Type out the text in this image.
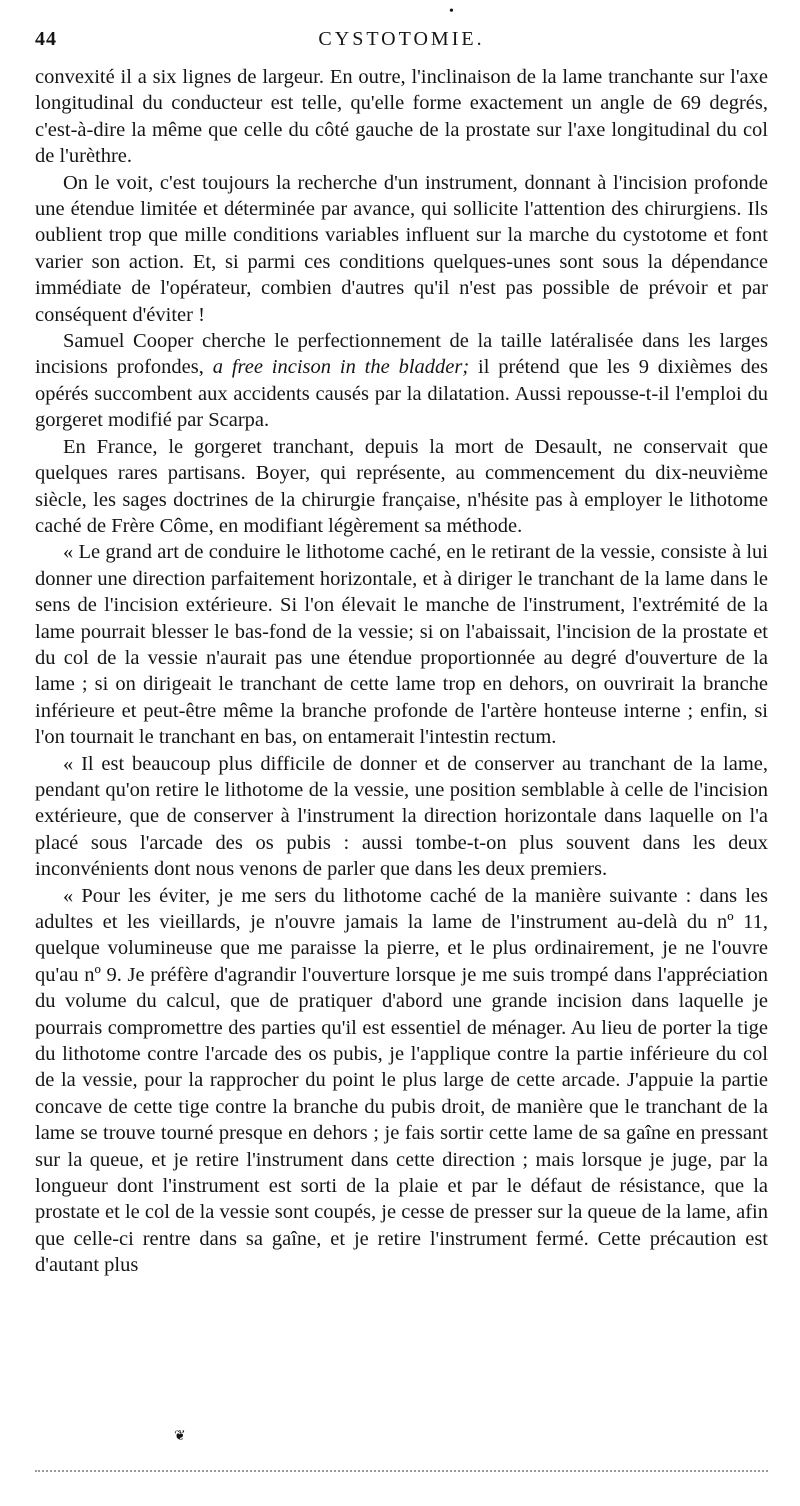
•
44	CYSTOTOMIE.

convexité il a six lignes de largeur. En outre, l'inclinaison de la lame tranchante sur l'axe longitudinal du conducteur est telle, qu'elle forme exactement un angle de 69 degrés, c'est-à-dire la même que celle du côté gauche de la prostate sur l'axe longitudinal du col de l'urèthre.

On le voit, c'est toujours la recherche d'un instrument, donnant à l'incision profonde une étendue limitée et déterminée par avance, qui sollicite l'attention des chirurgiens. Ils oublient trop que mille conditions variables influent sur la marche du cystotome et font varier son action. Et, si parmi ces conditions quelques-unes sont sous la dépendance immédiate de l'opérateur, combien d'autres qu'il n'est pas possible de prévoir et par conséquent d'éviter !

Samuel Cooper cherche le perfectionnement de la taille latéralisée dans les larges incisions profondes, a free incison in the bladder; il prétend que les 9 dixièmes des opérés succombent aux accidents causés par la dilatation. Aussi repousse-t-il l'emploi du gorgeret modifié par Scarpa.

En France, le gorgeret tranchant, depuis la mort de Desault, ne conservait que quelques rares partisans. Boyer, qui représente, au commencement du dix-neuvième siècle, les sages doctrines de la chirurgie française, n'hésite pas à employer le lithotome caché de Frère Côme, en modifiant légèrement sa méthode.

« Le grand art de conduire le lithotome caché, en le retirant de la vessie, consiste à lui donner une direction parfaitement horizontale, et à diriger le tranchant de la lame dans le sens de l'incision extérieure. Si l'on élevait le manche de l'instrument, l'extrémité de la lame pourrait blesser le bas-fond de la vessie; si on l'abaissait, l'incision de la prostate et du col de la vessie n'aurait pas une étendue proportionnée au degré d'ouverture de la lame ; si on dirigeait le tranchant de cette lame trop en dehors, on ouvrirait la branche inférieure et peut-être même la branche profonde de l'artère honteuse interne ; enfin, si l'on tournait le tranchant en bas, on entamerait l'intestin rectum.

« Il est beaucoup plus difficile de donner et de conserver au tranchant de la lame, pendant qu'on retire le lithotome de la vessie, une position semblable à celle de l'incision extérieure, que de conserver à l'instrument la direction horizontale dans laquelle on l'a placé sous l'arcade des os pubis : aussi tombe-t-on plus souvent dans les deux inconvénients dont nous venons de parler que dans les deux premiers.

« Pour les éviter, je me sers du lithotome caché de la manière suivante : dans les adultes et les vieillards, je n'ouvre jamais la lame de l'instrument au-delà du nº 11, quelque volumineuse que me paraisse la pierre, et le plus ordinairement, je ne l'ouvre qu'au nº 9. Je préfère d'agrandir l'ouverture lorsque je me suis trompé dans l'appréciation du volume du calcul, que de pratiquer d'abord une grande incision dans laquelle je pourrais compromettre des parties qu'il est essentiel de ménager. Au lieu de porter la tige du lithotome contre l'arcade des os pubis, je l'applique contre la partie inférieure du col de la vessie, pour la rapprocher du point le plus large de cette arcade. J'appuie la partie concave de cette tige contre la branche du pubis droit, de manière que le tranchant de la lame se trouve tourné presque en dehors ; je fais sortir cette lame de sa gaîne en pressant sur la queue, et je retire l'instrument dans cette direction ; mais lorsque je juge, par la longueur dont l'instrument est sorti de la plaie et par le défaut de résistance, que la prostate et le col de la vessie sont coupés, je cesse de presser sur la queue de la lame, afin que celle-ci rentre dans sa gaîne, et je retire l'instrument fermé. Cette précaution est d'autant plus

❦
